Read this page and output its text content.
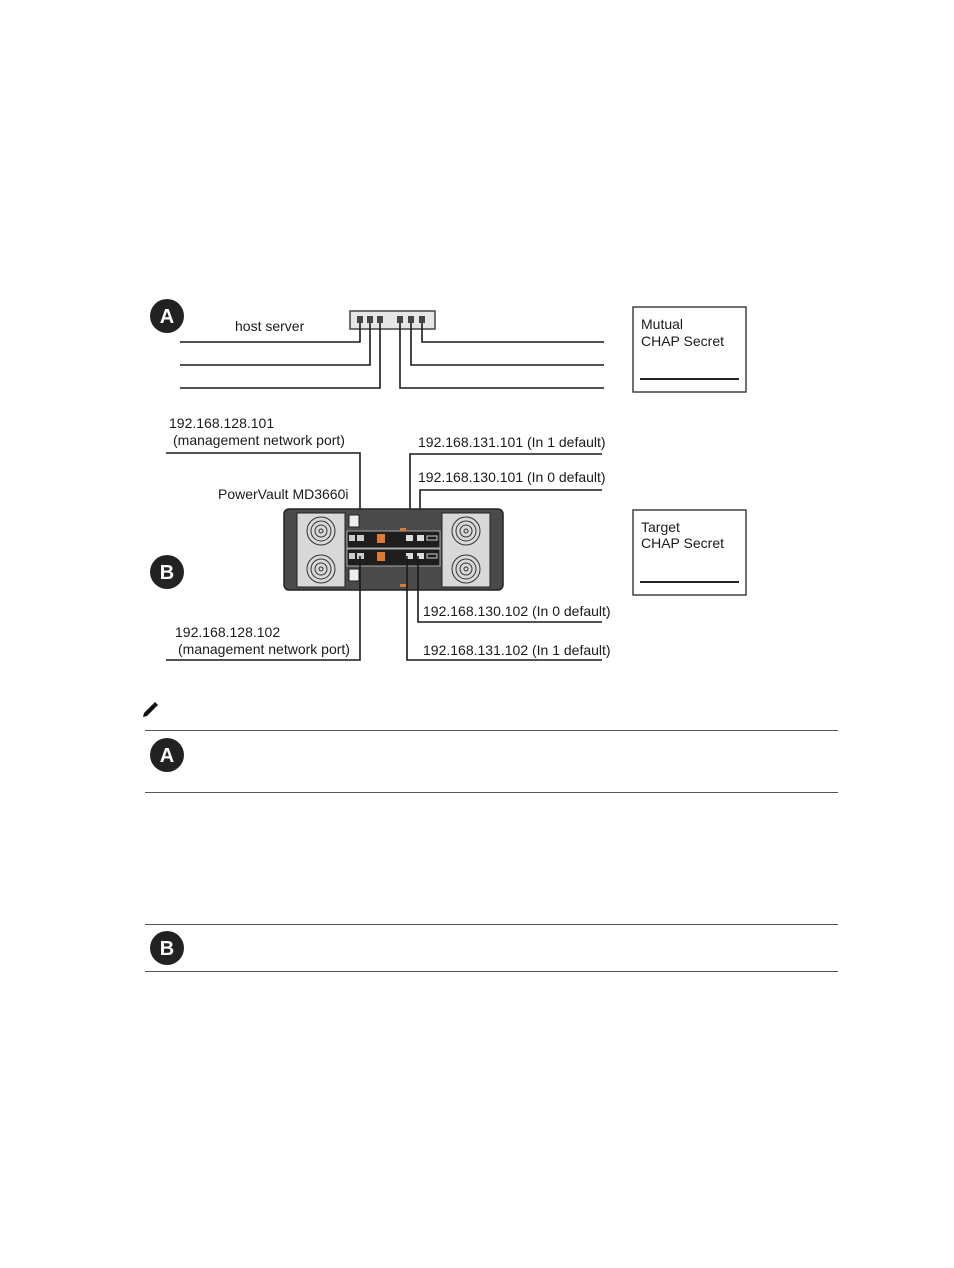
A
B
host server	Mutual
CHAP Secret
192.168.128.101
(management network port)	192.168.131.101 (In 1 default)
192.168.130.101 (In 0 default)
PowerVault MD3660i
Target
CHAP Secret
192.168.130.102 (In 0 default)
192.168.131.102 (In 1 default)
192.168.128.102
(management network port)
A
B
